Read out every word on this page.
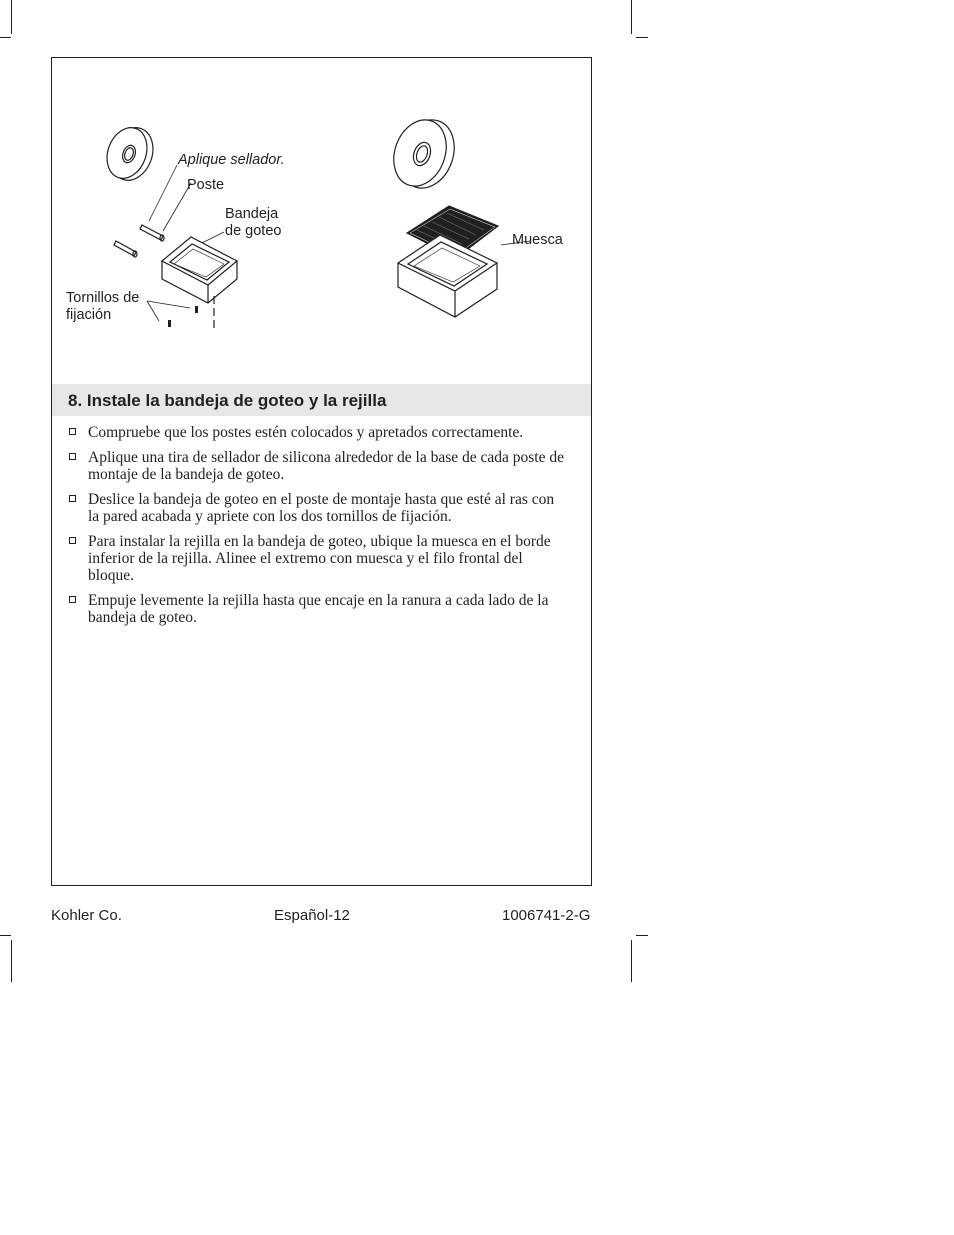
Aplique sellador.
Poste
Bandeja de goteo
Tornillos de fijación
Muesca
8. Instale la bandeja de goteo y la rejilla
Compruebe que los postes estén colocados y apretados correctamente.
Aplique una tira de sellador de silicona alrededor de la base de cada poste de montaje de la bandeja de goteo.
Deslice la bandeja de goteo en el poste de montaje hasta que esté al ras con la pared acabada y apriete con los dos tornillos de fijación.
Para instalar la rejilla en la bandeja de goteo, ubique la muesca en el borde inferior de la rejilla. Alinee el extremo con muesca y el filo frontal del bloque.
Empuje levemente la rejilla hasta que encaje en la ranura a cada lado de la bandeja de goteo.
Kohler Co.	Español-12	1006741-2-G
